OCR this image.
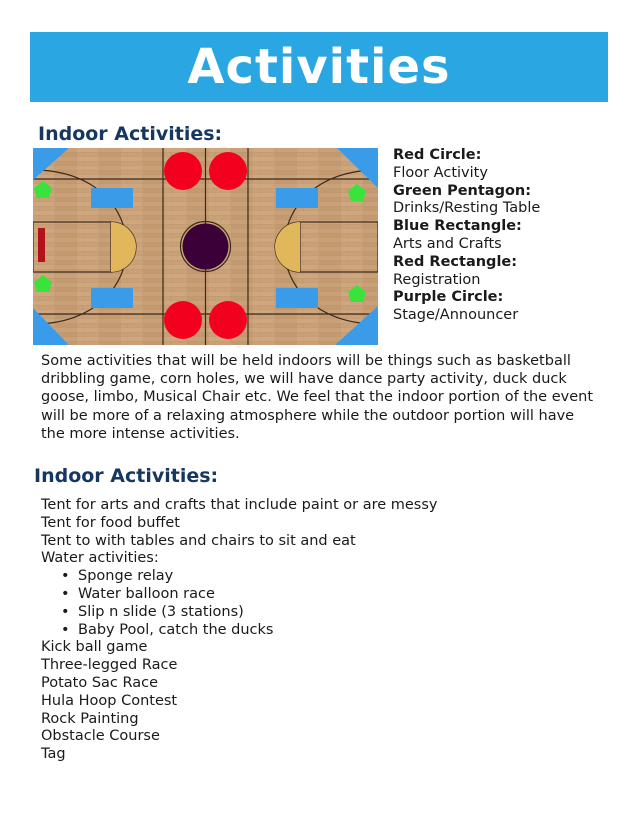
Activities
Indoor Activities:
Red Circle:
Floor Activity
Green Pentagon:
Drinks/Resting Table
Blue Rectangle:
Arts and Crafts
Red Rectangle:
Registration
Purple Circle:
Stage/Announcer

Some activities that will be held indoors will be things such as basketball dribbling game, corn holes, we will have dance party activity, duck duck goose, limbo, Musical Chair etc. We feel that the indoor portion of the event will be more of a relaxing atmosphere while the outdoor portion will have the more intense activities.

Indoor Activities:
Tent for arts and crafts that include paint or are messy
Tent for food buffet
Tent to with tables and chairs to sit and eat
Water activities:
• Sponge relay
• Water balloon race
• Slip n slide (3 stations)
• Baby Pool, catch the ducks
Kick ball game
Three-legged Race
Potato Sac Race
Hula Hoop Contest
Rock Painting
Obstacle Course
Tag
